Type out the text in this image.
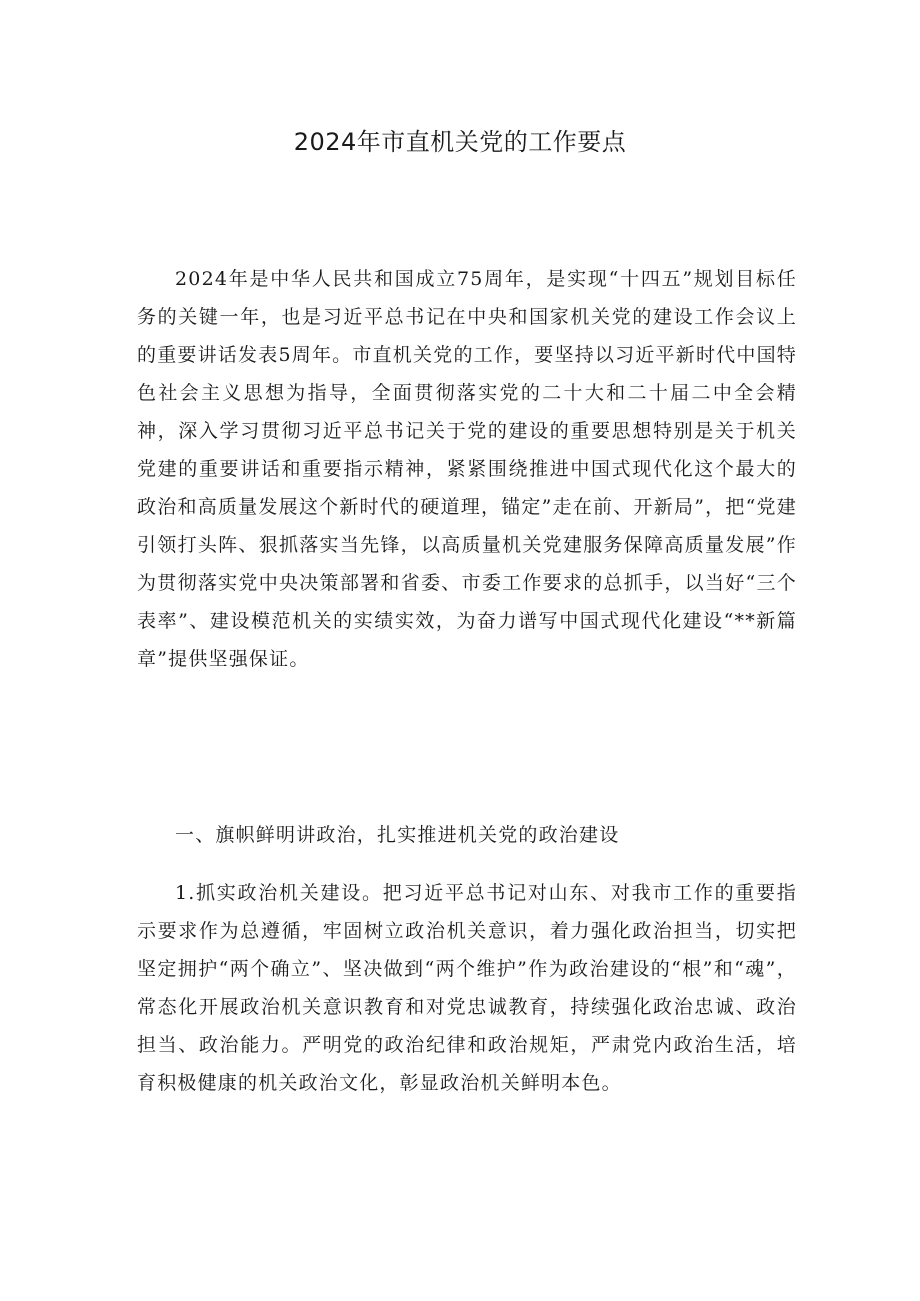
2024年市直机关党的工作要点

2024年是中华人民共和国成立75周年，是实现“十四五”规划目标任务的关键一年，也是习近平总书记在中央和国家机关党的建设工作会议上的重要讲话发表5周年。市直机关党的工作，要坚持以习近平新时代中国特色社会主义思想为指导，全面贯彻落实党的二十大和二十届二中全会精神，深入学习贯彻习近平总书记关于党的建设的重要思想特别是关于机关党建的重要讲话和重要指示精神，紧紧围绕推进中国式现代化这个最大的政治和高质量发展这个新时代的硬道理，锚定”走在前、开新局”，把“党建引领打头阵、狠抓落实当先锋，以高质量机关党建服务保障高质量发展”作为贯彻落实党中央决策部署和省委、市委工作要求的总抓手，以当好“三个表率”、建设模范机关的实绩实效，为奋力谱写中国式现代化建设“**新篇章”提供坚强保证。

一、旗帜鲜明讲政治，扎实推进机关党的政治建设

1.抓实政治机关建设。把习近平总书记对山东、对我市工作的重要指示要求作为总遵循，牢固树立政治机关意识，着力强化政治担当，切实把坚定拥护“两个确立”、坚决做到“两个维护”作为政治建设的“根”和“魂”，常态化开展政治机关意识教育和对党忠诚教育，持续强化政治忠诚、政治担当、政治能力。严明党的政治纪律和政治规矩，严肃党内政治生活，培育积极健康的机关政治文化，彰显政治机关鲜明本色。
